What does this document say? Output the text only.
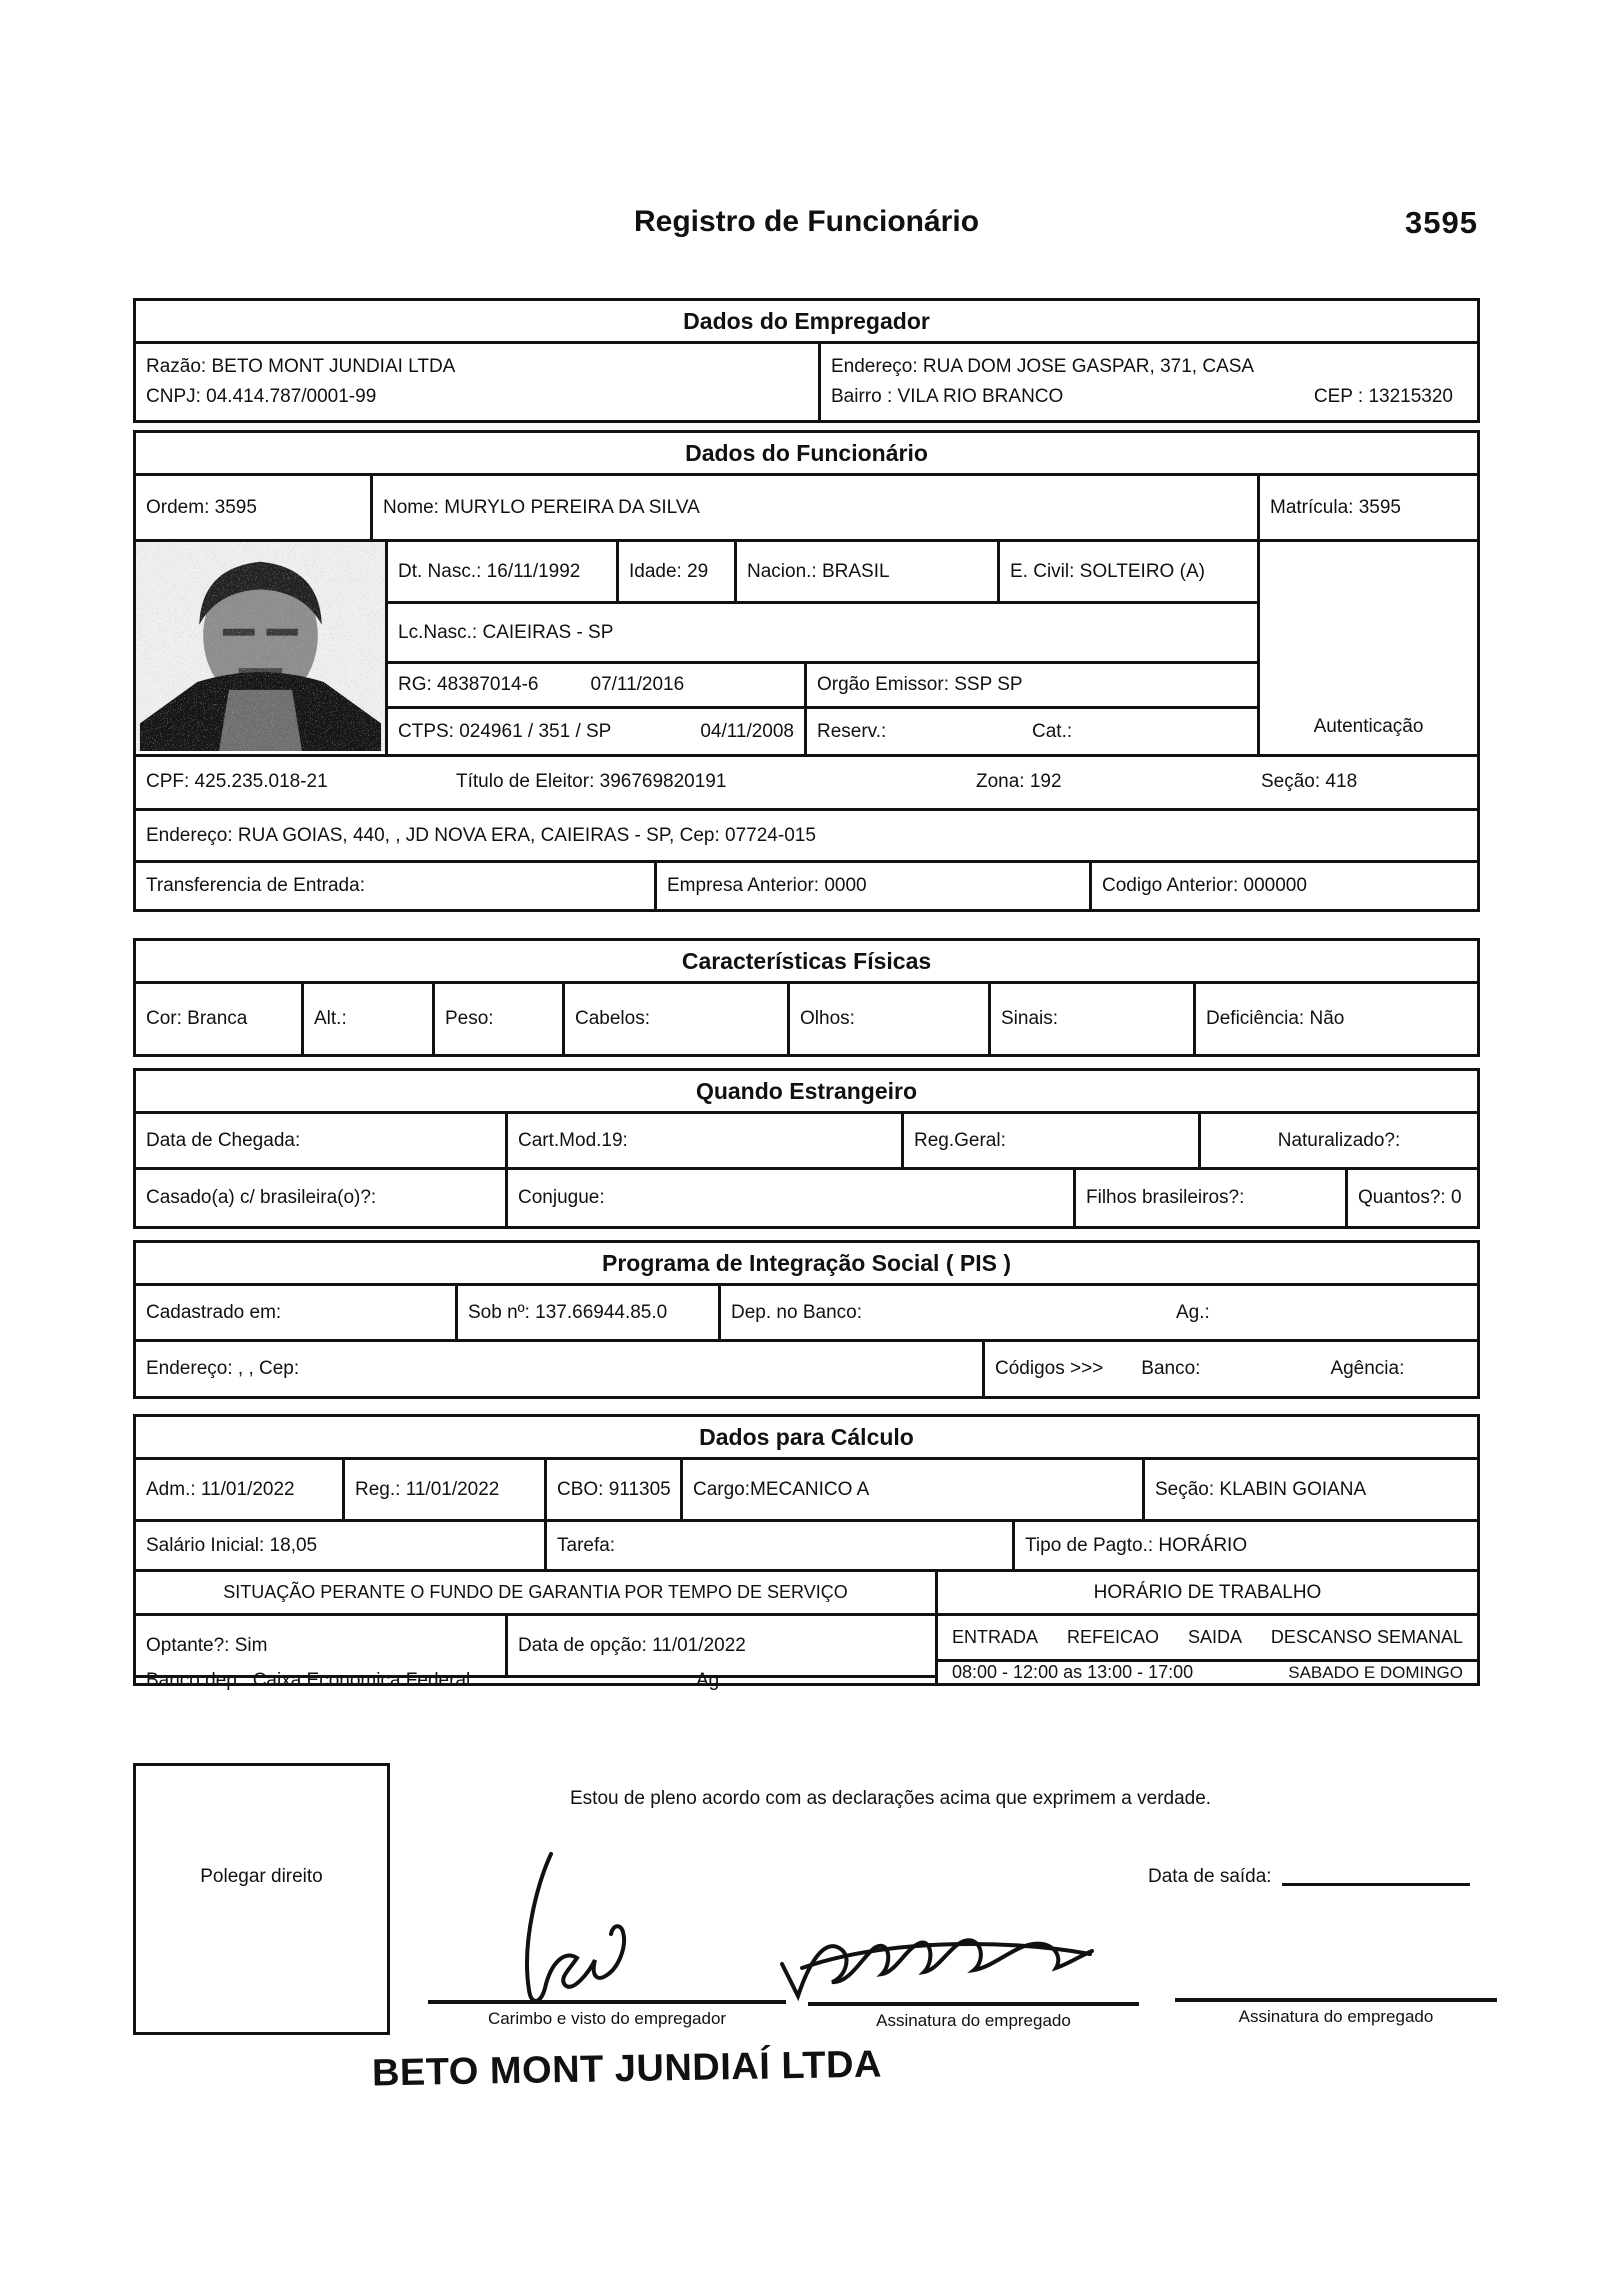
Registro de Funcionário	3595
Dados do Empregador
Razão: BETO MONT JUNDIAI LTDA
CNPJ: 04.414.787/0001-99
Endereço: RUA DOM JOSE GASPAR, 371, CASA
Bairro : VILA RIO BRANCO	CEP : 13215320
Dados do Funcionário
Ordem: 3595	Nome: MURYLO PEREIRA DA SILVA	Matrícula: 3595
Dt. Nasc.: 16/11/1992	Idade: 29	Nacion.: BRASIL	E. Civil: SOLTEIRO (A)
Lc.Nasc.: CAIEIRAS - SP
RG: 48387014-6	07/11/2016	Orgão Emissor: SSP SP
CTPS: 024961 / 351 / SP	04/11/2008 Reserv.:	Cat.:	Autenticação
CPF: 425.235.018-21	Título de Eleitor: 396769820191	Zona: 192	Seção: 418
Endereço: RUA GOIAS, 440, , JD NOVA ERA, CAIEIRAS - SP, Cep: 07724-015
Transferencia de Entrada:	Empresa Anterior: 0000	Codigo Anterior: 000000
Características Físicas
Cor: Branca	Alt.:	Peso:	Cabelos:	Olhos:	Sinais:	Deficiência: Não
Quando Estrangeiro
Data de Chegada:	Cart.Mod.19:	Reg.Geral:	Naturalizado?:
Casado(a) c/ brasileira(o)?:	Conjugue:	Filhos brasileiros?:	Quantos?: 0
Programa de Integração Social ( PIS )
Cadastrado em:	Sob nº: 137.66944.85.0	Dep. no Banco:	Ag.:
Endereço: , , Cep:	Códigos >>> Banco:	Agência:
Dados para Cálculo
Adm.: 11/01/2022	Reg.: 11/01/2022	CBO: 911305	Cargo:MECANICO A	Seção: KLABIN GOIANA
Salário Inicial: 18,05	Tarefa:	Tipo de Pagto.: HORÁRIO
SITUAÇÃO PERANTE O FUNDO DE GARANTIA POR TEMPO DE SERVIÇO
Optante?: Sim	Data de opção: 11/01/2022
Banco dep.: Caixa Economica Federal	Ag.:
HORÁRIO DE TRABALHO
ENTRADA REFEICAO SAIDA DESCANSO SEMANAL
08:00 - 12:00 as 13:00 - 17:00	SABADO E DOMINGO
Polegar direito
Estou de pleno acordo com as declarações acima que exprimem a verdade.
Data de saída:
Carimbo e visto do empregador	Assinatura do empregado	Assinatura do empregado
BETO MONT JUNDIAÍ LTDA
